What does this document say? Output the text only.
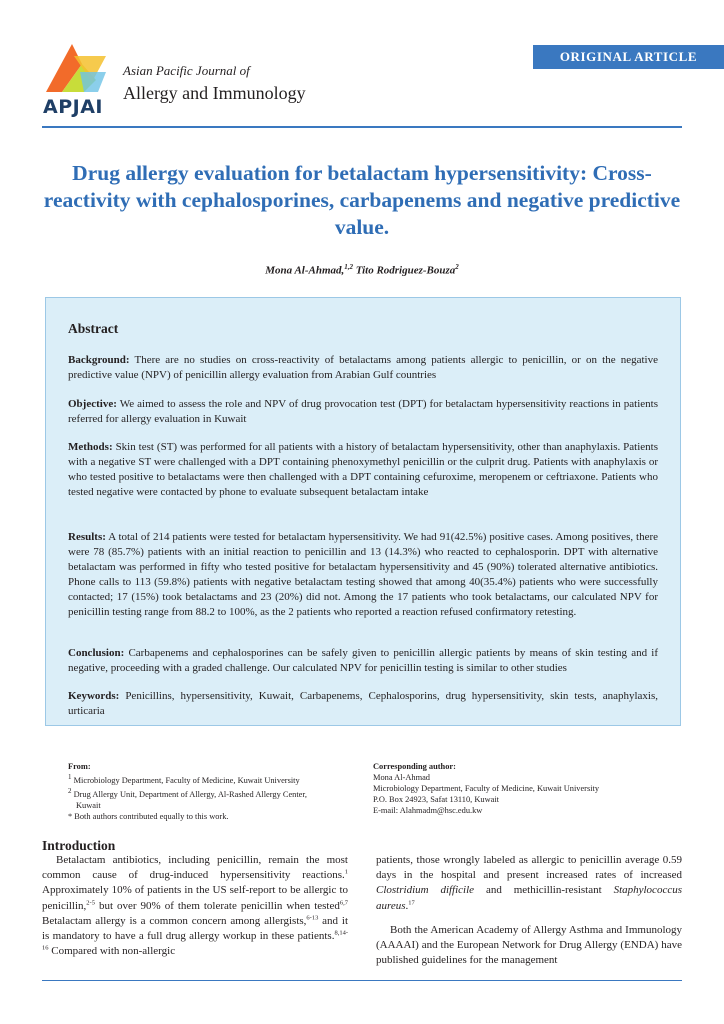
APJAI
Asian Pacific Journal of
Allergy and Immunology
ORIGINAL ARTICLE
Drug allergy evaluation for betalactam hypersensitivity: Cross-reactivity with cephalosporines, carbapenems and negative predictive value.
Mona Al-Ahmad,$^{1,2}$ Tito Rodriguez-Bouza$^2$
Abstract
Background: There are no studies on cross-reactivity of betalactams among patients allergic to penicillin, or on the negative predictive value (NPV) of penicillin allergy evaluation from Arabian Gulf countries
Objective: We aimed to assess the role and NPV of drug provocation test (DPT) for betalactam hypersensitivity reactions in patients referred for allergy evaluation in Kuwait
Methods: Skin test (ST) was performed for all patients with a history of betalactam hypersensitivity, other than anaphylaxis. Patients with a negative ST were challenged with a DPT containing phenoxymethyl penicillin or the culprit drug. Patients with anaphylaxis or who tested positive to betalactams were then challenged with a DPT containing cefuroxime, meropenem or ceftriaxone. Patients who tested negative were contacted by phone to evaluate subsequent betalactam intake
Results: A total of 214 patients were tested for betalactam hypersensitivity. We had 91(42.5%) positive cases. Among positives, there were 78 (85.7%) patients with an initial reaction to penicillin and 13 (14.3%) who reacted to cephalosporin. DPT with alternative betalactam was performed in fifty who tested positive for betalactam hypersensitivity and 45 (90%) tolerated alternative antibiotics. Phone calls to 113 (59.8%) patients with negative betalactam testing showed that among 40(35.4%) patients who were successfully contacted; 17 (15%) took betalactams and 23 (20%) did not. Among the 17 patients who took betalactams, our calculated NPV for penicillin testing range from 88.2 to 100%, as the 2 patients who reported a reaction refused confirmatory retesting.
Conclusion: Carbapenems and cephalosporines can be safely given to penicillin allergic patients by means of skin testing and if negative, proceeding with a graded challenge. Our calculated NPV for penicillin testing is similar to other studies
Keywords: Penicillins, hypersensitivity, Kuwait, Carbapenems, Cephalosporins, drug hypersensitivity, skin tests, anaphylaxis, urticaria
From:
$^1$ Microbiology Department, Faculty of Medicine, Kuwait University
$^2$ Drug Allergy Unit, Department of Allergy, Al-Rashed Allergy Center,
Kuwait
* Both authors contributed equally to this work.
Corresponding author:
Mona Al-Ahmad
Microbiology Department, Faculty of Medicine, Kuwait University
P.O. Box 24923, Safat 13110, Kuwait
E-mail: Alahmadm@hsc.edu.kw
Introduction

Betalactam antibiotics, including penicillin, remain the most common cause of drug-induced hypersensitivity reactions.$^1$ Approximately 10% of patients in the US self-report to be allergic to penicillin,$^{2-5}$ but over 90% of them tolerate penicillin when tested$^{6,7}$ Betalactam allergy is a common concern among allergists,$^{6-13}$ and it is mandatory to have a full drug allergy workup in these patients.$^{8,14-16}$ Compared with non-allergic

patients, those wrongly labeled as allergic to penicillin average 0.59 days in the hospital and present increased rates of increased Clostridium difficile and methicillin-resistant Staphylococcus aureus.$^{17}$

Both the American Academy of Allergy Asthma and Immunology (AAAAI) and the European Network for Drug Allergy (ENDA) have published guidelines for the management
